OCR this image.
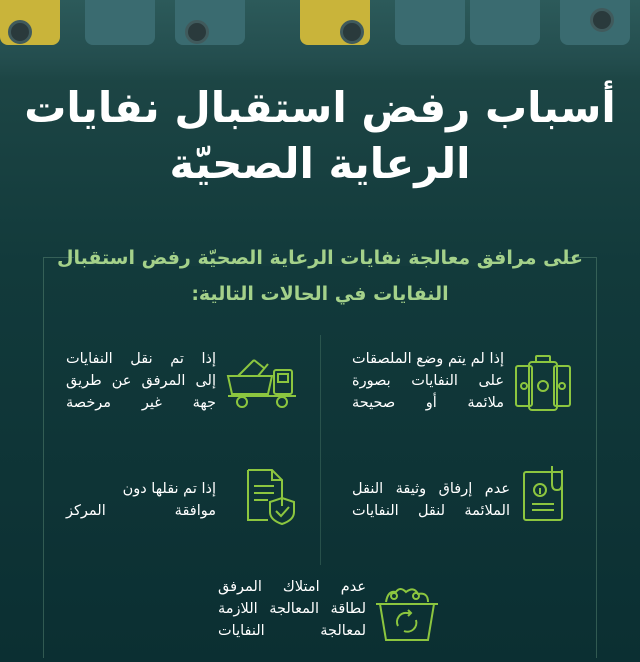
أسباب رفض استقبال نفايات
الرعاية الصحيّة
على مرافق معالجة نفايات الرعاية الصحيّة رفض استقبال
النفايات في الحالات التالية:
إذا لم يتم وضع الملصقات
على النفايات بصورة
ملائمة أو صحيحة
إذا تم نقل النفايات
إلى المرفق عن طريق
جهة غير مرخصة
عدم إرفاق وثيقة النقل
الملائمة لنقل النفايات
إذا تم نقلها دون
موافقة المركز
عدم امتلاك المرفق
لطاقة المعالجة اللازمة
لمعالجة النفايات
